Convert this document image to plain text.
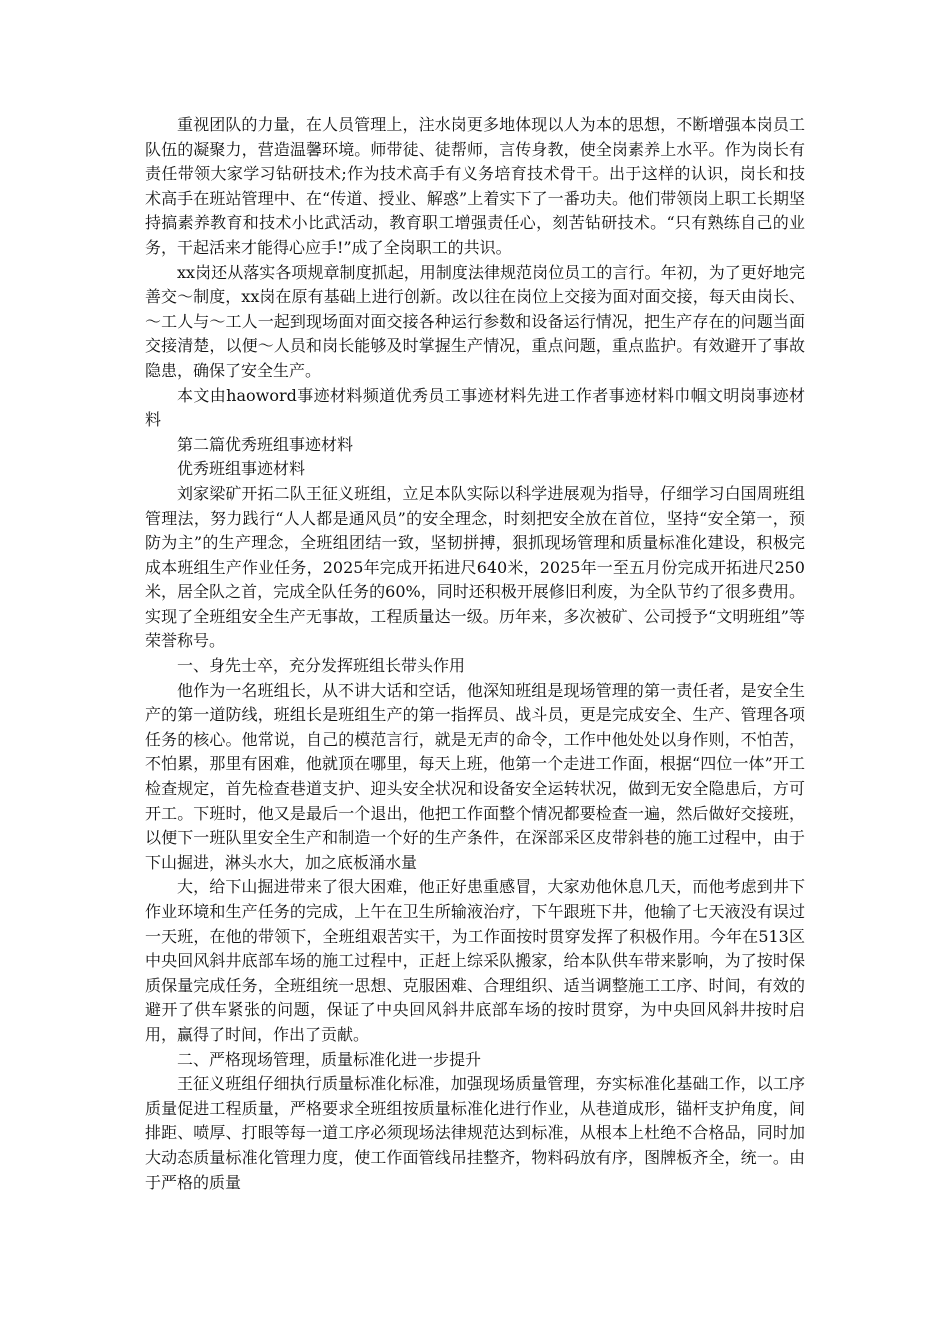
重视团队的力量，在人员管理上，注水岗更多地体现以人为本的思想，不断增强本岗员工队伍的凝聚力，营造温馨环境。师带徒、徒帮师，言传身教，使全岗素养上水平。作为岗长有责任带领大家学习钻研技术;作为技术高手有义务培育技术骨干。出于这样的认识，岗长和技术高手在班站管理中、在“传道、授业、解惑”上着实下了一番功夫。他们带领岗上职工长期坚持搞素养教育和技术小比武活动，教育职工增强责任心，刻苦钻研技术。“只有熟练自己的业务，干起活来才能得心应手!”成了全岗职工的共识。

xx岗还从落实各项规章制度抓起，用制度法律规范岗位员工的言行。年初，为了更好地完善交～制度，xx岗在原有基础上进行创新。改以往在岗位上交接为面对面交接，每天由岗长、～工人与～工人一起到现场面对面交接各种运行参数和设备运行情况，把生产存在的问题当面交接清楚，以便～人员和岗长能够及时掌握生产情况，重点问题，重点监护。有效避开了事故隐患，确保了安全生产。

本文由haoword事迹材料频道优秀员工事迹材料先进工作者事迹材料巾帼文明岗事迹材料

第二篇优秀班组事迹材料

优秀班组事迹材料

刘家梁矿开拓二队王征义班组，立足本队实际以科学进展观为指导，仔细学习白国周班组管理法，努力践行“人人都是通风员”的安全理念，时刻把安全放在首位，坚持“安全第一，预防为主”的生产理念，全班组团结一致，坚韧拼搏，狠抓现场管理和质量标准化建设，积极完成本班组生产作业任务，2025年完成开拓进尺640米，2025年一至五月份完成开拓进尺250米，居全队之首，完成全队任务的60%，同时还积极开展修旧利废，为全队节约了很多费用。实现了全班组安全生产无事故，工程质量达一级。历年来，多次被矿、公司授予“文明班组”等荣誉称号。

一、身先士卒，充分发挥班组长带头作用

他作为一名班组长，从不讲大话和空话，他深知班组是现场管理的第一责任者，是安全生产的第一道防线，班组长是班组生产的第一指挥员、战斗员，更是完成安全、生产、管理各项任务的核心。他常说，自己的模范言行，就是无声的命令，工作中他处处以身作则，不怕苦，不怕累，那里有困难，他就顶在哪里，每天上班，他第一个走进工作面，根据“四位一体”开工检查规定，首先检查巷道支护、迎头安全状况和设备安全运转状况，做到无安全隐患后，方可开工。下班时，他又是最后一个退出，他把工作面整个情况都要检查一遍，然后做好交接班，以便下一班队里安全生产和制造一个好的生产条件，在深部采区皮带斜巷的施工过程中，由于下山掘进，淋头水大，加之底板涌水量

大，给下山掘进带来了很大困难，他正好患重感冒，大家劝他休息几天，而他考虑到井下作业环境和生产任务的完成，上午在卫生所输液治疗，下午跟班下井，他输了七天液没有误过一天班，在他的带领下，全班组艰苦实干，为工作面按时贯穿发挥了积极作用。今年在513区中央回风斜井底部车场的施工过程中，正赶上综采队搬家，给本队供车带来影响，为了按时保质保量完成任务，全班组统一思想、克服困难、合理组织、适当调整施工工序、时间，有效的避开了供车紧张的问题，保证了中央回风斜井底部车场的按时贯穿，为中央回风斜井按时启用，赢得了时间，作出了贡献。

二、严格现场管理，质量标准化进一步提升

王征义班组仔细执行质量标准化标准，加强现场质量管理，夯实标准化基础工作，以工序质量促进工程质量，严格要求全班组按质量标准化进行作业，从巷道成形，锚杆支护角度，间排距、喷厚、打眼等每一道工序必须现场法律规范达到标准，从根本上杜绝不合格品，同时加大动态质量标准化管理力度，使工作面管线吊挂整齐，物料码放有序，图牌板齐全，统一。由于严格的质量
